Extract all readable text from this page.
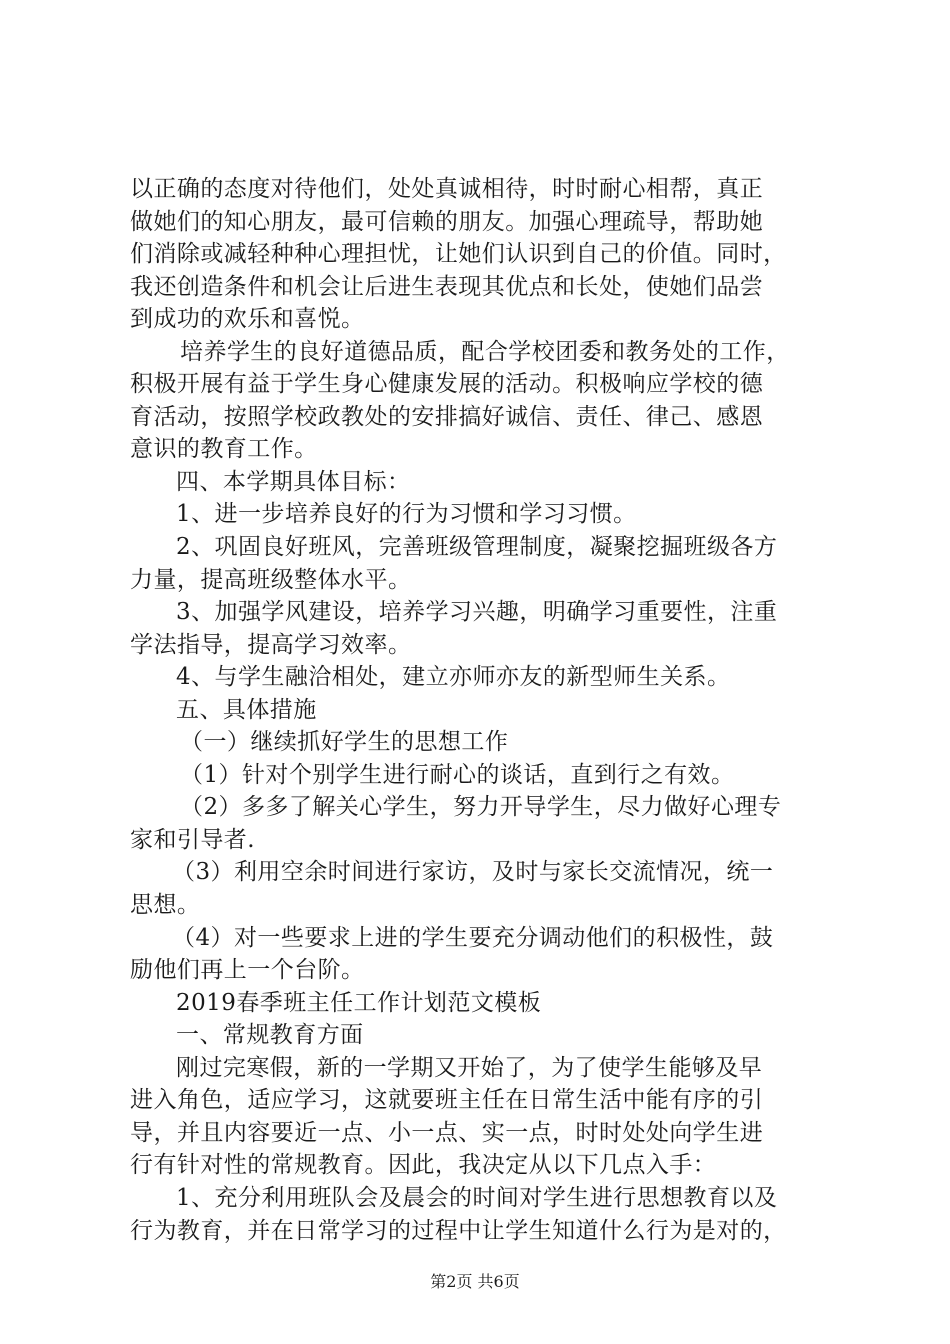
以正确的态度对待他们，处处真诚相待，时时耐心相帮，真正
做她们的知心朋友，最可信赖的朋友。加强心理疏导，帮助她
们消除或减轻种种心理担忧，让她们认识到自己的价值。同时，
我还创造条件和机会让后进生表现其优点和长处，使她们品尝
到成功的欢乐和喜悦。
培养学生的良好道德品质，配合学校团委和教务处的工作，
积极开展有益于学生身心健康发展的活动。积极响应学校的德
育活动，按照学校政教处的安排搞好诚信、责任、律己、感恩
意识的教育工作。
四、本学期具体目标：
1、进一步培养良好的行为习惯和学习习惯。
2、巩固良好班风，完善班级管理制度，凝聚挖掘班级各方
力量，提高班级整体水平。
3、加强学风建设，培养学习兴趣，明确学习重要性，注重
学法指导，提高学习效率。
4、与学生融洽相处，建立亦师亦友的新型师生关系。
五、具体措施
（一）继续抓好学生的思想工作
（1）针对个别学生进行耐心的谈话，直到行之有效。
（2）多多了解关心学生，努力开导学生，尽力做好心理专
家和引导者.
（3）利用空余时间进行家访，及时与家长交流情况，统一
思想。
（4）对一些要求上进的学生要充分调动他们的积极性，鼓
励他们再上一个台阶。
2019春季班主任工作计划范文模板
一、常规教育方面
刚过完寒假，新的一学期又开始了，为了使学生能够及早
进入角色，适应学习，这就要班主任在日常生活中能有序的引
导，并且内容要近一点、小一点、实一点，时时处处向学生进
行有针对性的常规教育。因此，我决定从以下几点入手：
1、充分利用班队会及晨会的时间对学生进行思想教育以及
行为教育，并在日常学习的过程中让学生知道什么行为是对的，
第2页 共6页
